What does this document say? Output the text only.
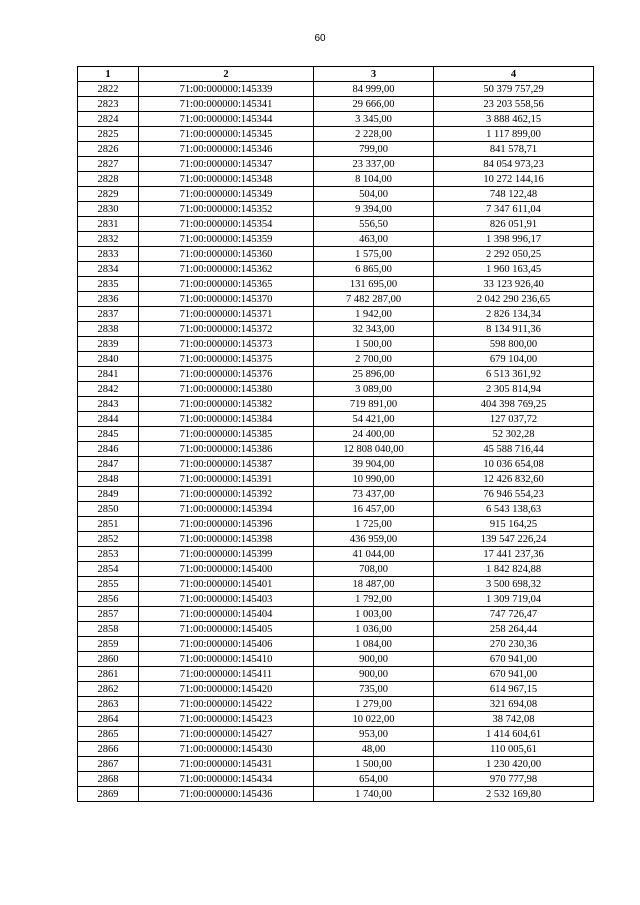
60
1	2	3	4
2822	71:00:000000:145339	84 999,00	50 379 757,29
2823	71:00:000000:145341	29 666,00	23 203 558,56
2824	71:00:000000:145344	3 345,00	3 888 462,15
2825	71:00:000000:145345	2 228,00	1 117 899,00
2826	71:00:000000:145346	799,00	841 578,71
2827	71:00:000000:145347	23 337,00	84 054 973,23
2828	71:00:000000:145348	8 104,00	10 272 144,16
2829	71:00:000000:145349	504,00	748 122,48
2830	71:00:000000:145352	9 394,00	7 347 611,04
2831	71:00:000000:145354	556,50	826 051,91
2832	71:00:000000:145359	463,00	1 398 996,17
2833	71:00:000000:145360	1 575,00	2 292 050,25
2834	71:00:000000:145362	6 865,00	1 960 163,45
2835	71:00:000000:145365	131 695,00	33 123 926,40
2836	71:00:000000:145370	7 482 287,00	2 042 290 236,65
2837	71:00:000000:145371	1 942,00	2 826 134,34
2838	71:00:000000:145372	32 343,00	8 134 911,36
2839	71:00:000000:145373	1 500,00	598 800,00
2840	71:00:000000:145375	2 700,00	679 104,00
2841	71:00:000000:145376	25 896,00	6 513 361,92
2842	71:00:000000:145380	3 089,00	2 305 814,94
2843	71:00:000000:145382	719 891,00	404 398 769,25
2844	71:00:000000:145384	54 421,00	127 037,72
2845	71:00:000000:145385	24 400,00	52 302,28
2846	71:00:000000:145386	12 808 040,00	45 588 716,44
2847	71:00:000000:145387	39 904,00	10 036 654,08
2848	71:00:000000:145391	10 990,00	12 426 832,60
2849	71:00:000000:145392	73 437,00	76 946 554,23
2850	71:00:000000:145394	16 457,00	6 543 138,63
2851	71:00:000000:145396	1 725,00	915 164,25
2852	71:00:000000:145398	436 959,00	139 547 226,24
2853	71:00:000000:145399	41 044,00	17 441 237,36
2854	71:00:000000:145400	708,00	1 842 824,88
2855	71:00:000000:145401	18 487,00	3 500 698,32
2856	71:00:000000:145403	1 792,00	1 309 719,04
2857	71:00:000000:145404	1 003,00	747 726,47
2858	71:00:000000:145405	1 036,00	258 264,44
2859	71:00:000000:145406	1 084,00	270 230,36
2860	71:00:000000:145410	900,00	670 941,00
2861	71:00:000000:145411	900,00	670 941,00
2862	71:00:000000:145420	735,00	614 967,15
2863	71:00:000000:145422	1 279,00	321 694,08
2864	71:00:000000:145423	10 022,00	38 742,08
2865	71:00:000000:145427	953,00	1 414 604,61
2866	71:00:000000:145430	48,00	110 005,61
2867	71:00:000000:145431	1 500,00	1 230 420,00
2868	71:00:000000:145434	654,00	970 777,98
2869	71:00:000000:145436	1 740,00	2 532 169,80
